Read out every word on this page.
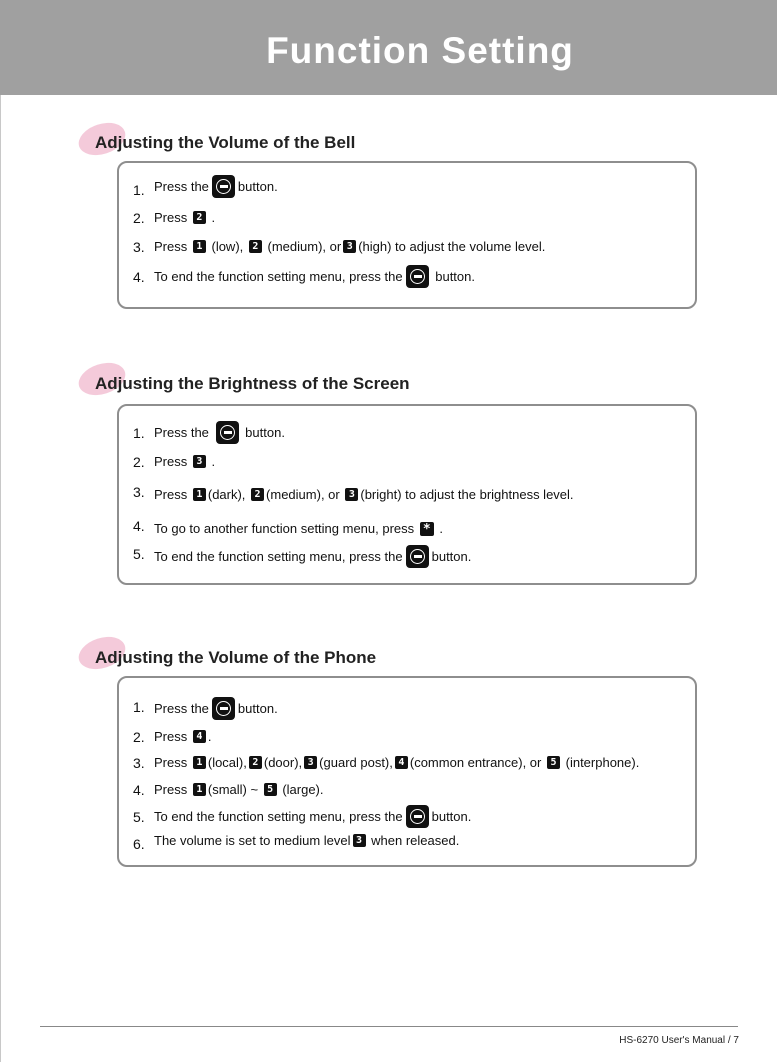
Function Setting
Adjusting the Volume of the Bell
1. Press the button.
2. Press
2
.
3. Press
1
(low),
2
(medium), or 3 (high) to adjust the volume level.
4. To end the function setting menu, press the
	button.
Adjusting the Brightness of the Screen
1. Press the

	button.
2. Press
3
.
3. Press
1 (dark),
2 (medium), or
3 (bright) to adjust the brightness level.
4. To go to another function setting menu, press
*
.
5. To end the function setting menu, press the button.
Adjusting the Volume of the Phone
1. Press the button.
2. Press
4 .
3. Press
1 (local), 2 (door), 3 (guard post), 4 (common entrance), or
5
(interphone).
4. Press
1 (small) ~
5
(large).
5. To end the function setting menu, press the button.
6. The volume is set to medium level 3
when released.
HS-6270 User's Manual / 7
